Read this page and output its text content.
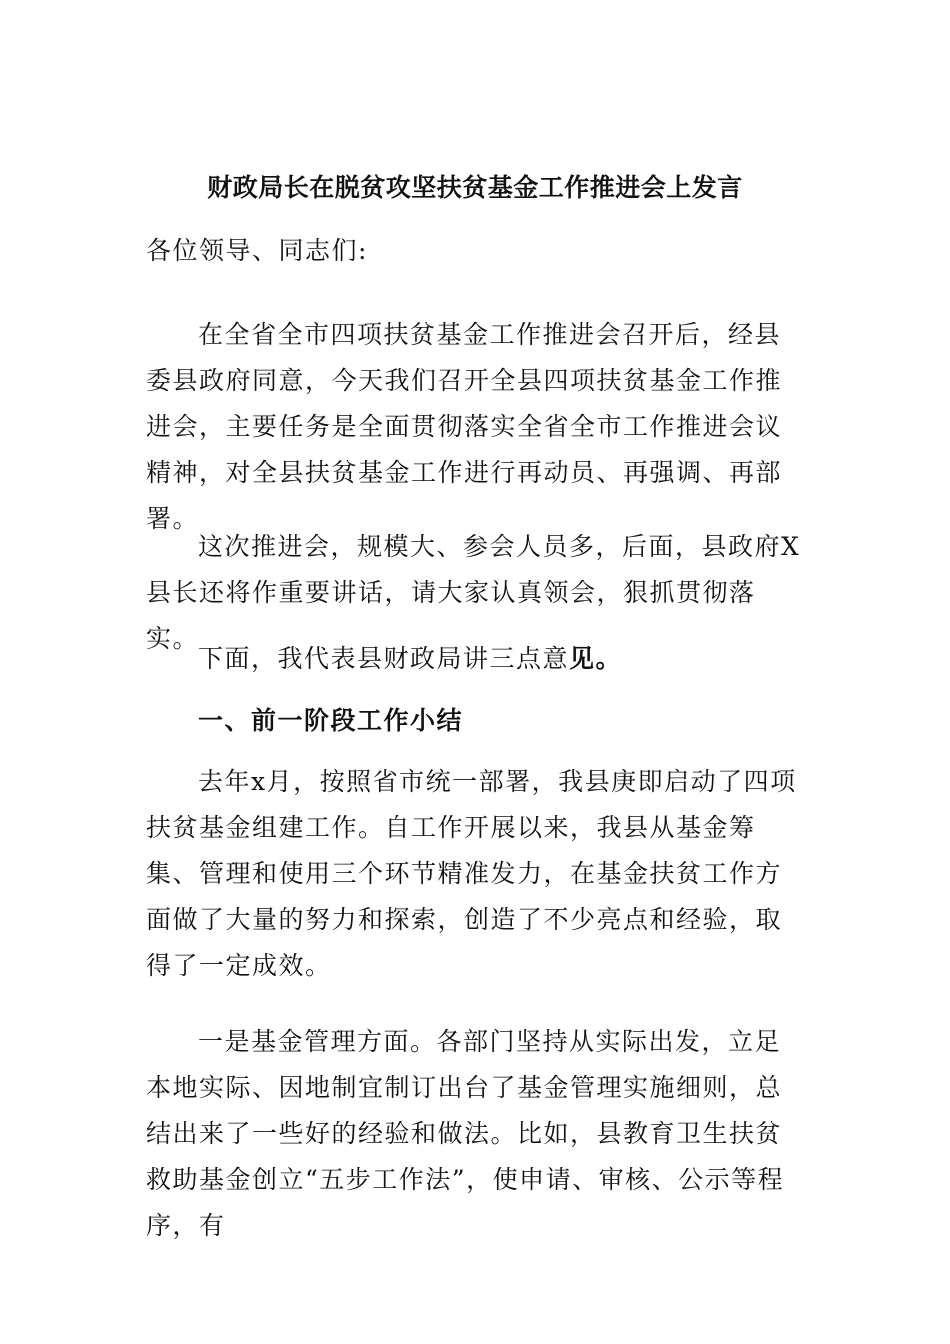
财政局长在脱贫攻坚扶贫基金工作推进会上发言
各位领导、同志们:
在全省全市四项扶贫基金工作推进会召开后，经县委县政府同意，今天我们召开全县四项扶贫基金工作推进会，主要任务是全面贯彻落实全省全市工作推进会议精神，对全县扶贫基金工作进行再动员、再强调、再部署。
这次推进会，规模大、参会人员多，后面，县政府X县长还将作重要讲话，请大家认真领会，狠抓贯彻落实。
下面，我代表县财政局讲三点意见。
一、前一阶段工作小结
去年x月，按照省市统一部署，我县庚即启动了四项扶贫基金组建工作。自工作开展以来，我县从基金筹集、管理和使用三个环节精准发力，在基金扶贫工作方面做了大量的努力和探索，创造了不少亮点和经验，取得了一定成效。
一是基金管理方面。各部门坚持从实际出发，立足本地实际、因地制宜制订出台了基金管理实施细则，总结出来了一些好的经验和做法。比如，县教育卫生扶贫救助基金创立“五步工作法”，使申请、审核、公示等程序，有
